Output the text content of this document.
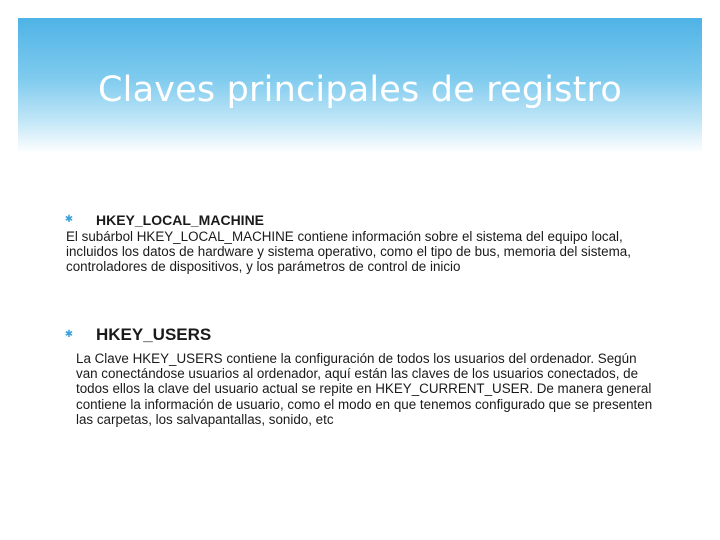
Claves principales de registro
✱	HKEY_LOCAL_MACHINE

El subárbol HKEY_LOCAL_MACHINE contiene información sobre el sistema del equipo local, incluidos los datos de hardware y sistema operativo, como el tipo de bus, memoria del sistema, controladores de dispositivos, y los parámetros de control de inicio

✱	HKEY_USERS

La Clave HKEY_USERS contiene la configuración de todos los usuarios del ordenador. Según van conectándose usuarios al ordenador, aquí están las claves de los usuarios conectados, de todos ellos la clave del usuario actual se repite en HKEY_CURRENT_USER. De manera general contiene la información de usuario, como el modo en que tenemos configurado que se presenten las carpetas, los salvapantallas, sonido, etc
